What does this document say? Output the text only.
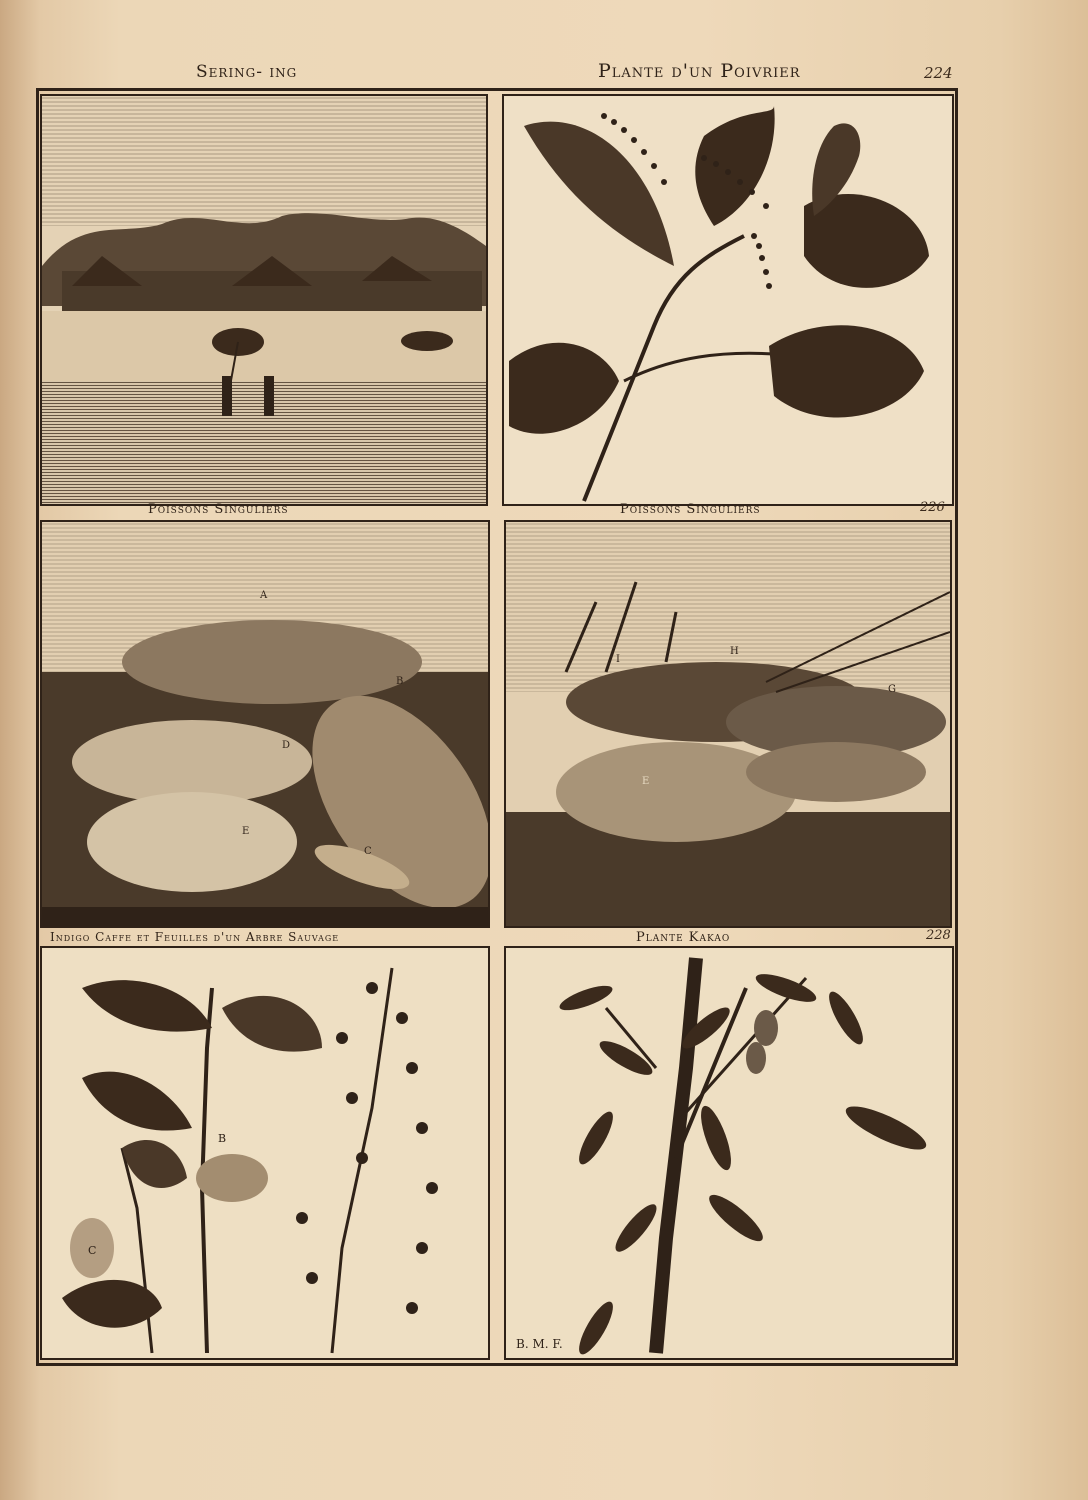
Sering- ing	Plante d'un Poivrier	224
Poissons Singuliers	Poissons Singuliers	226
A
B
C
D
E
H
I
G
E
Indigo Caffe et Feuilles d'un Arbre Sauvage	Plante Kakao	228
B
C
B. M. F.
